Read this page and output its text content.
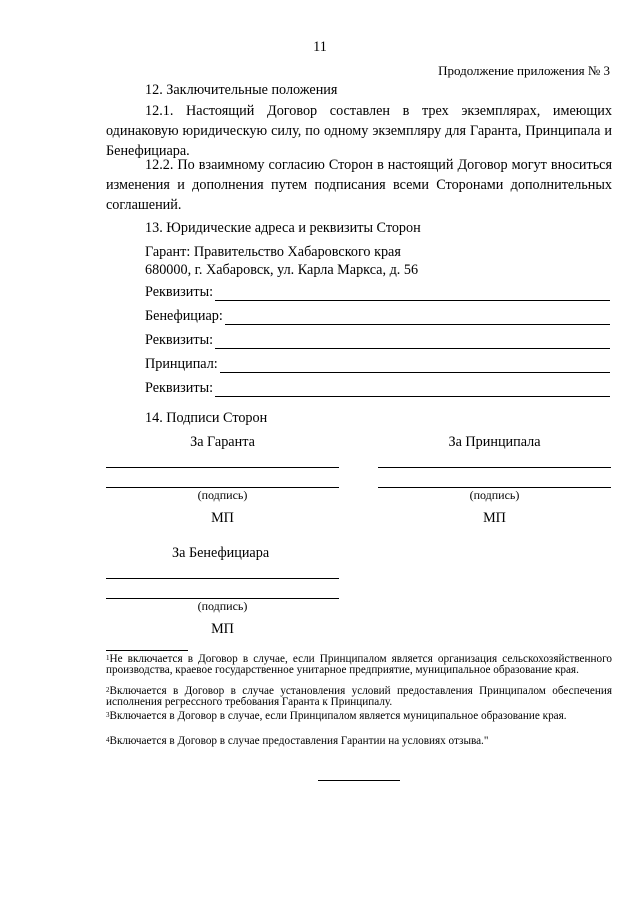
11
Продолжение приложения № 3
12. Заключительные положения
12.1. Настоящий Договор составлен в трех экземплярах, имеющих одинаковую юридическую силу, по одному экземпляру для Гаранта, Принципала и Бенефициара.
12.2. По взаимному согласию Сторон в настоящий Договор могут вноситься изменения и дополнения путем подписания всеми Сторонами дополнительных соглашений.
13. Юридические адреса и реквизиты Сторон
Гарант: Правительство Хабаровского края
680000, г. Хабаровск, ул. Карла Маркса, д. 56
Реквизиты:
Бенефициар:
Реквизиты:
Принципал:
Реквизиты:
14. Подписи Сторон
За Гаранта	За Принципала
(подпись)	(подпись)
МП	МП
За Бенефициара
(подпись)
МП
$^1$Не включается в Договор в случае, если Принципалом является организация сельскохозяйственного производства, краевое государственное унитарное предприятие, муниципальное образование края.
$^2$Включается в Договор в случае установления условий предоставления Принципалом обеспечения исполнения регрессного требования Гаранта к Принципалу.
$^3$Включается в Договор в случае, если Принципалом является муниципальное образование края.
$^4$Включается в Договор в случае предоставления Гарантии на условиях отзыва."
